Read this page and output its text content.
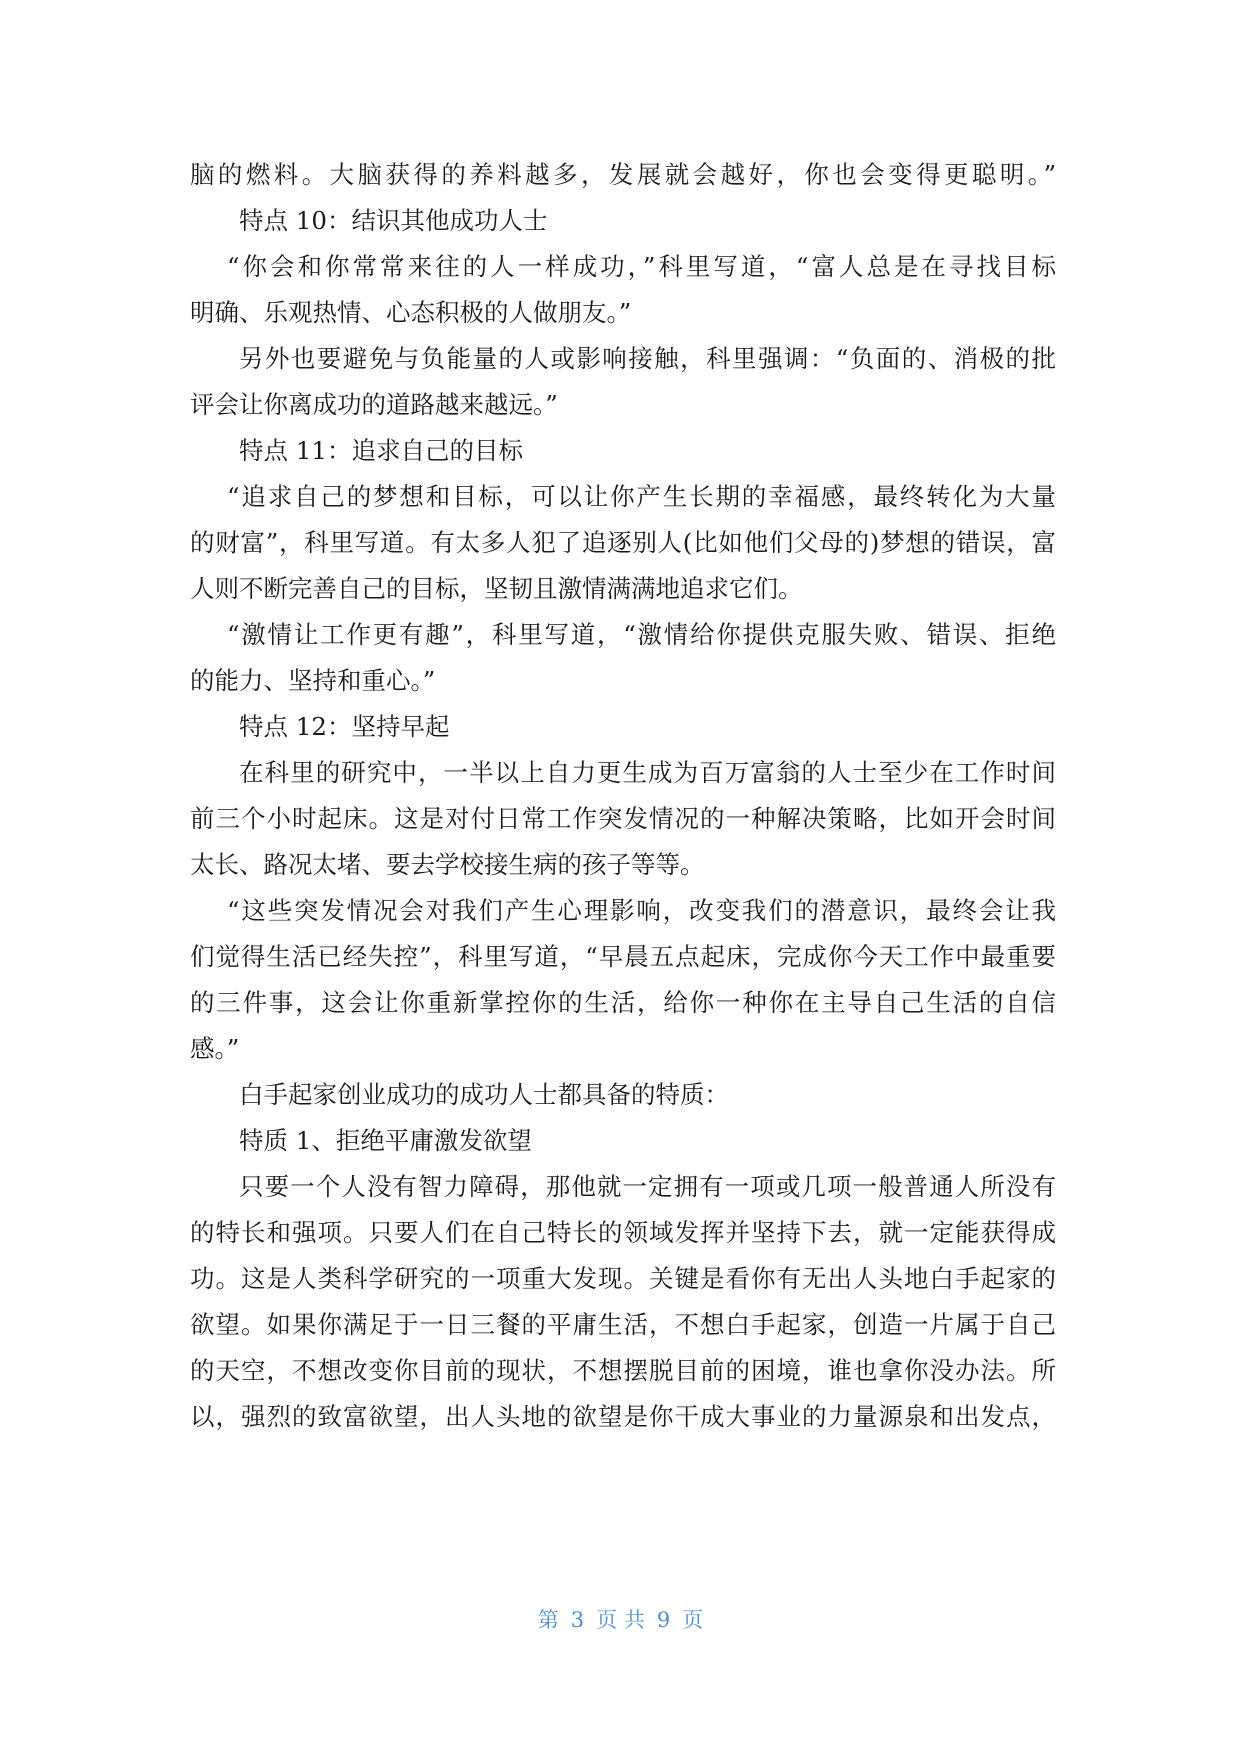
脑的燃料。大脑获得的养料越多，发展就会越好，你也会变得更聪明。”
特点 10：结识其他成功人士
“你会和你常常来往的人一样成功，”科里写道，“富人总是在寻找目标
明确、乐观热情、心态积极的人做朋友。”
另外也要避免与负能量的人或影响接触，科里强调：“负面的、消极的批
评会让你离成功的道路越来越远。”
特点 11：追求自己的目标
“追求自己的梦想和目标，可以让你产生长期的幸福感，最终转化为大量
的财富”，科里写道。有太多人犯了追逐别人(比如他们父母的)梦想的错误，富
人则不断完善自己的目标，坚韧且激情满满地追求它们。
“激情让工作更有趣”，科里写道，“激情给你提供克服失败、错误、拒绝
的能力、坚持和重心。”
特点 12：坚持早起
在科里的研究中，一半以上自力更生成为百万富翁的人士至少在工作时间
前三个小时起床。这是对付日常工作突发情况的一种解决策略，比如开会时间
太长、路况太堵、要去学校接生病的孩子等等。
“这些突发情况会对我们产生心理影响，改变我们的潜意识，最终会让我
们觉得生活已经失控”，科里写道，“早晨五点起床，完成你今天工作中最重要
的三件事，这会让你重新掌控你的生活，给你一种你在主导自己生活的自信
感。”
白手起家创业成功的成功人士都具备的特质：
特质 1、拒绝平庸激发欲望
只要一个人没有智力障碍，那他就一定拥有一项或几项一般普通人所没有
的特长和强项。只要人们在自己特长的领域发挥并坚持下去，就一定能获得成
功。这是人类科学研究的一项重大发现。关键是看你有无出人头地白手起家的
欲望。如果你满足于一日三餐的平庸生活，不想白手起家，创造一片属于自己
的天空，不想改变你目前的现状，不想摆脱目前的困境，谁也拿你没办法。所
以，强烈的致富欲望，出人头地的欲望是你干成大事业的力量源泉和出发点，
第 3 页 共 9 页
